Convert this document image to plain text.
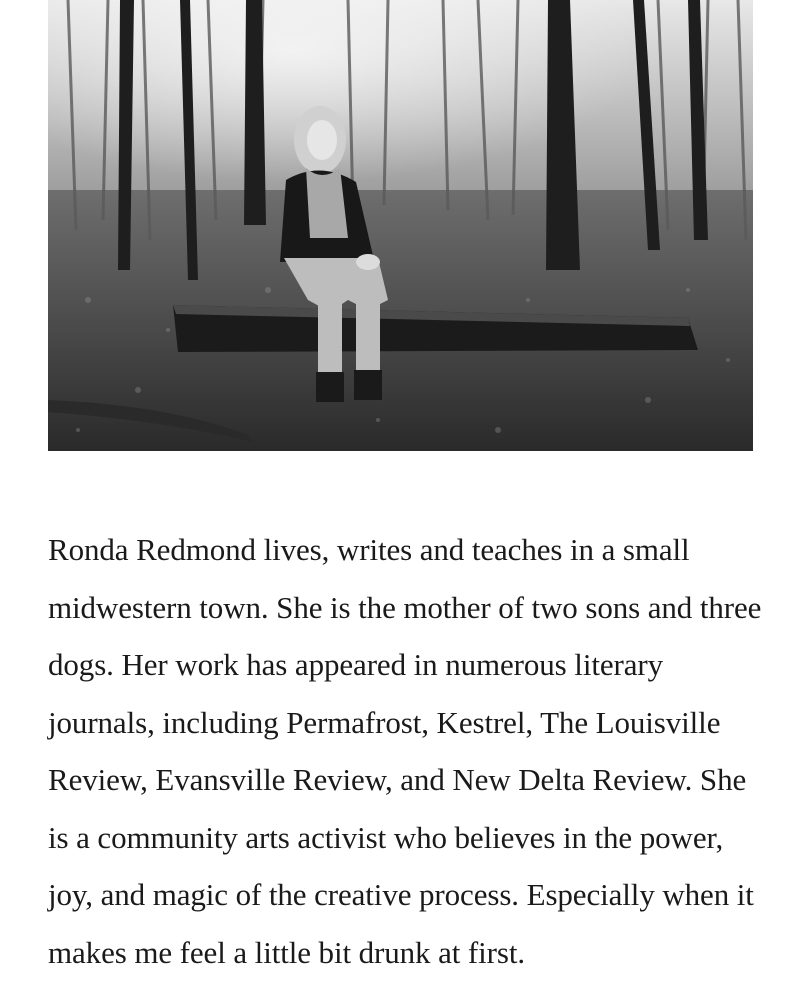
Ronda Redmond lives, writes and teaches in a small midwestern town. She is the mother of two sons and three dogs. Her work has appeared in numerous literary journals, including Permafrost, Kestrel, The Louisville Review, Evansville Review, and New Delta Review. She is a community arts activist who believes in the power, joy, and magic of the creative process. Especially when it makes me feel a little bit drunk at first.
